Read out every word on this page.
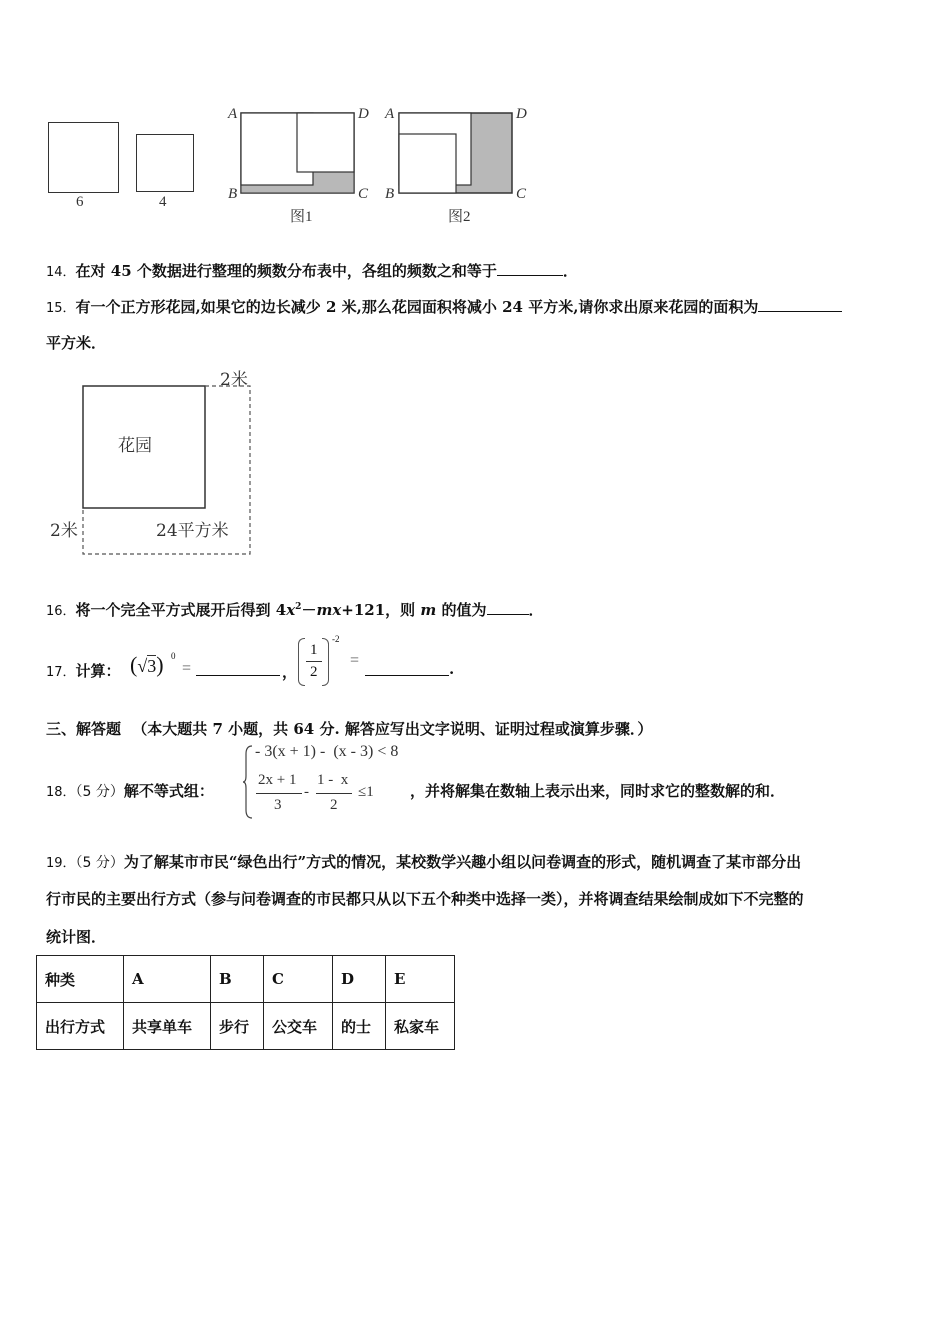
6	4
A	D
B	C
图1
A	D
B	C
图2
14．在对 45 个数据进行整理的频数分布表中，各组的频数之和等于	．
15．有一个正方形花园,如果它的边长减少 2 米,那么花园面积将减小 24 平方米,请你求出原来花园的面积为
平方米．
花园
2米
2米	24平方米
16．将一个完全平方式展开后得到 $4x^2-mx+121$，则 m 的值为	．
17．计算： (√3) 0
=	，
1
2
-2
=	.
三、解答题 （本大题共 7 小题，共 64 分. 解答应写出文字说明、证明过程或演算步骤．）
18．（5 分）解不等式组：
- 3(x + 1) -  (x - 3) < 8
2x + 1
3
-
1 -  x
2
≤1 ，并将解集在数轴上表示出来，同时求它的整数解的和．
19．（5 分）为了解某市市民“绿色出行”方式的情况，某校数学兴趣小组以问卷调查的形式，随机调查了某市部分出
行市民的主要出行方式（参与问卷调查的市民都只从以下五个种类中选择一类），并将调查结果绘制成如下不完整的
统计图．
种类	A	B	C	D	E
出行方式	共享单车	步行	公交车	的士	私家车
